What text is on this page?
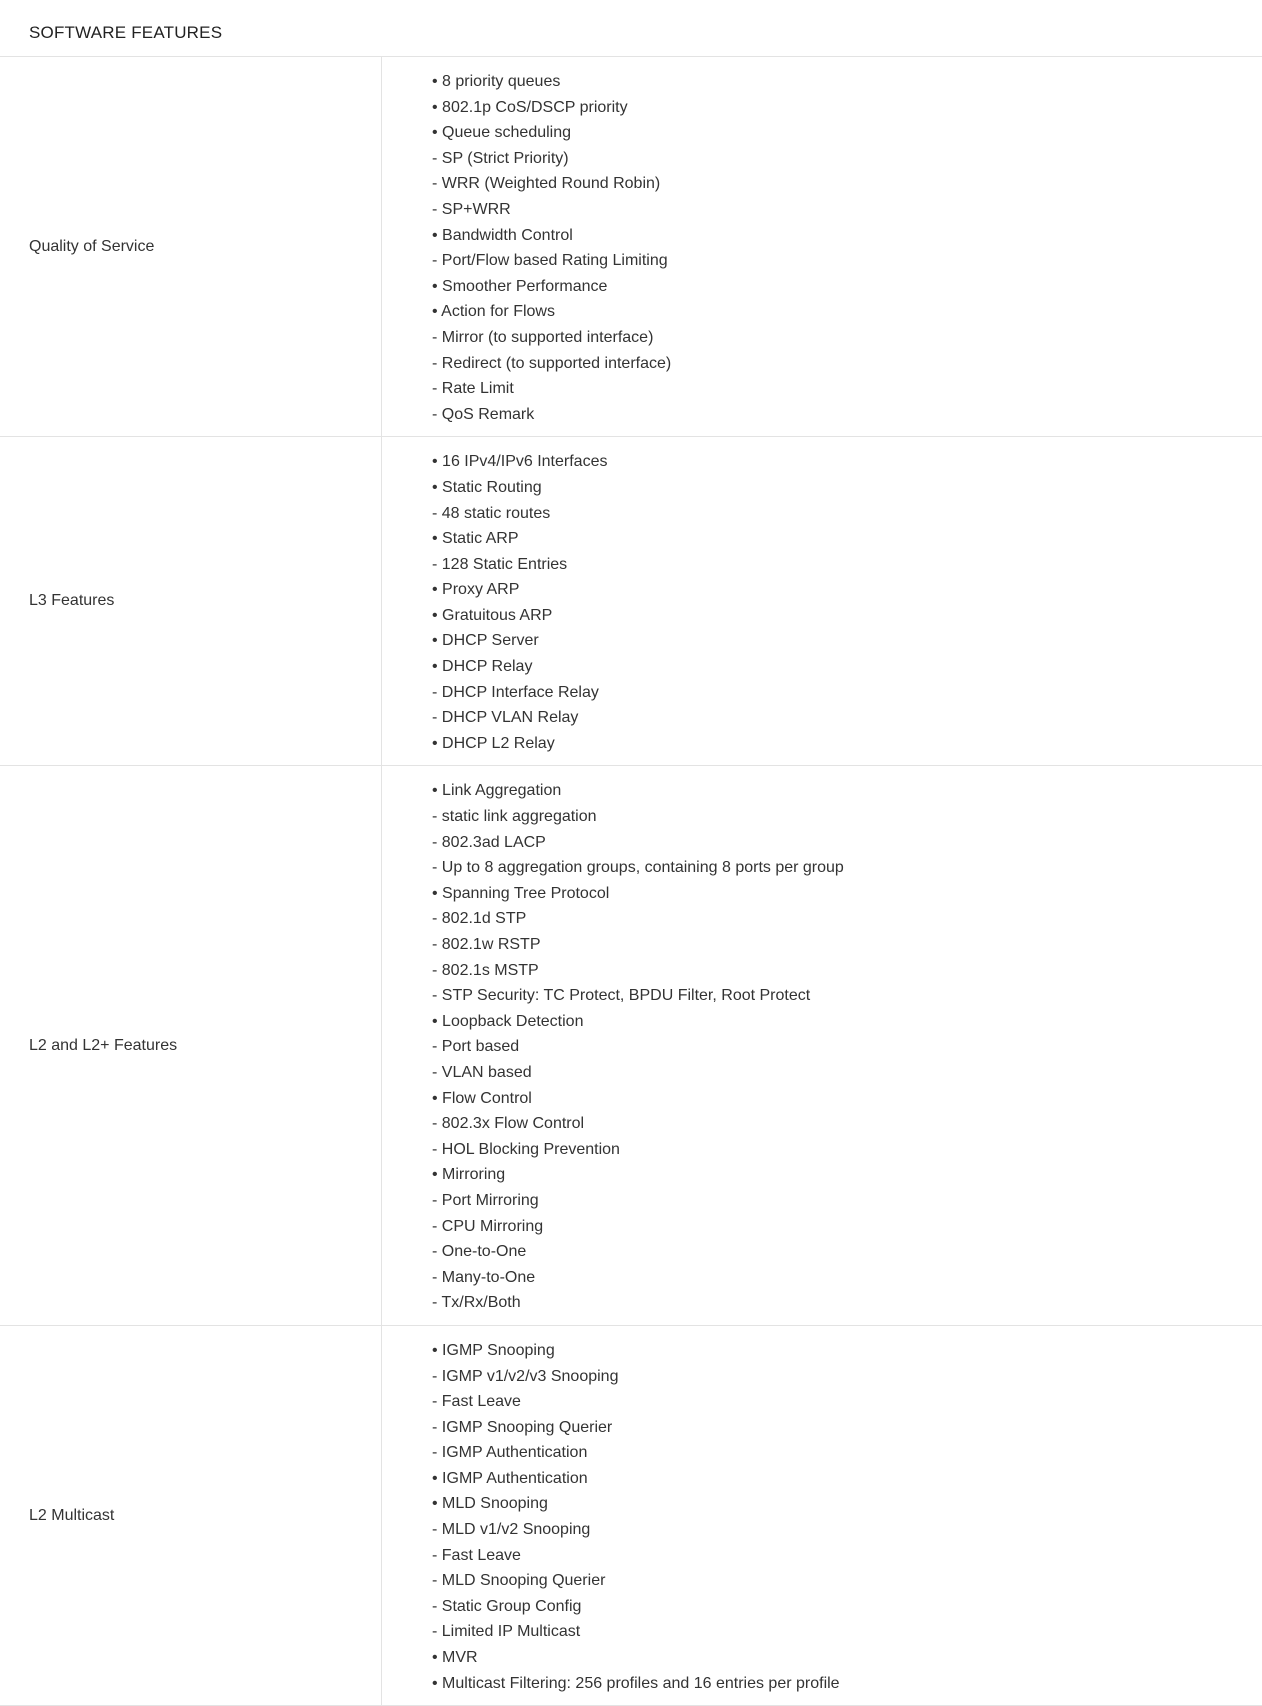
SOFTWARE FEATURES
Quality of Service
• 8 priority queues
• 802.1p CoS/DSCP priority
• Queue scheduling
- SP (Strict Priority)
- WRR (Weighted Round Robin)
- SP+WRR
• Bandwidth Control
- Port/Flow based Rating Limiting
• Smoother Performance
• Action for Flows
- Mirror (to supported interface)
- Redirect (to supported interface)
- Rate Limit
- QoS Remark
L3 Features
• 16 IPv4/IPv6 Interfaces
• Static Routing
- 48 static routes
• Static ARP
- 128 Static Entries
• Proxy ARP
• Gratuitous ARP
• DHCP Server
• DHCP Relay
- DHCP Interface Relay
- DHCP VLAN Relay
• DHCP L2 Relay
L2 and L2+ Features
• Link Aggregation
- static link aggregation
- 802.3ad LACP
- Up to 8 aggregation groups, containing 8 ports per group
• Spanning Tree Protocol
- 802.1d STP
- 802.1w RSTP
- 802.1s MSTP
- STP Security: TC Protect, BPDU Filter, Root Protect
• Loopback Detection
- Port based
- VLAN based
• Flow Control
- 802.3x Flow Control
- HOL Blocking Prevention
• Mirroring
- Port Mirroring
- CPU Mirroring
- One-to-One
- Many-to-One
- Tx/Rx/Both
L2 Multicast
• IGMP Snooping
- IGMP v1/v2/v3 Snooping
- Fast Leave
- IGMP Snooping Querier
- IGMP Authentication
• IGMP Authentication
• MLD Snooping
- MLD v1/v2 Snooping
- Fast Leave
- MLD Snooping Querier
- Static Group Config
- Limited IP Multicast
• MVR
• Multicast Filtering: 256 profiles and 16 entries per profile
